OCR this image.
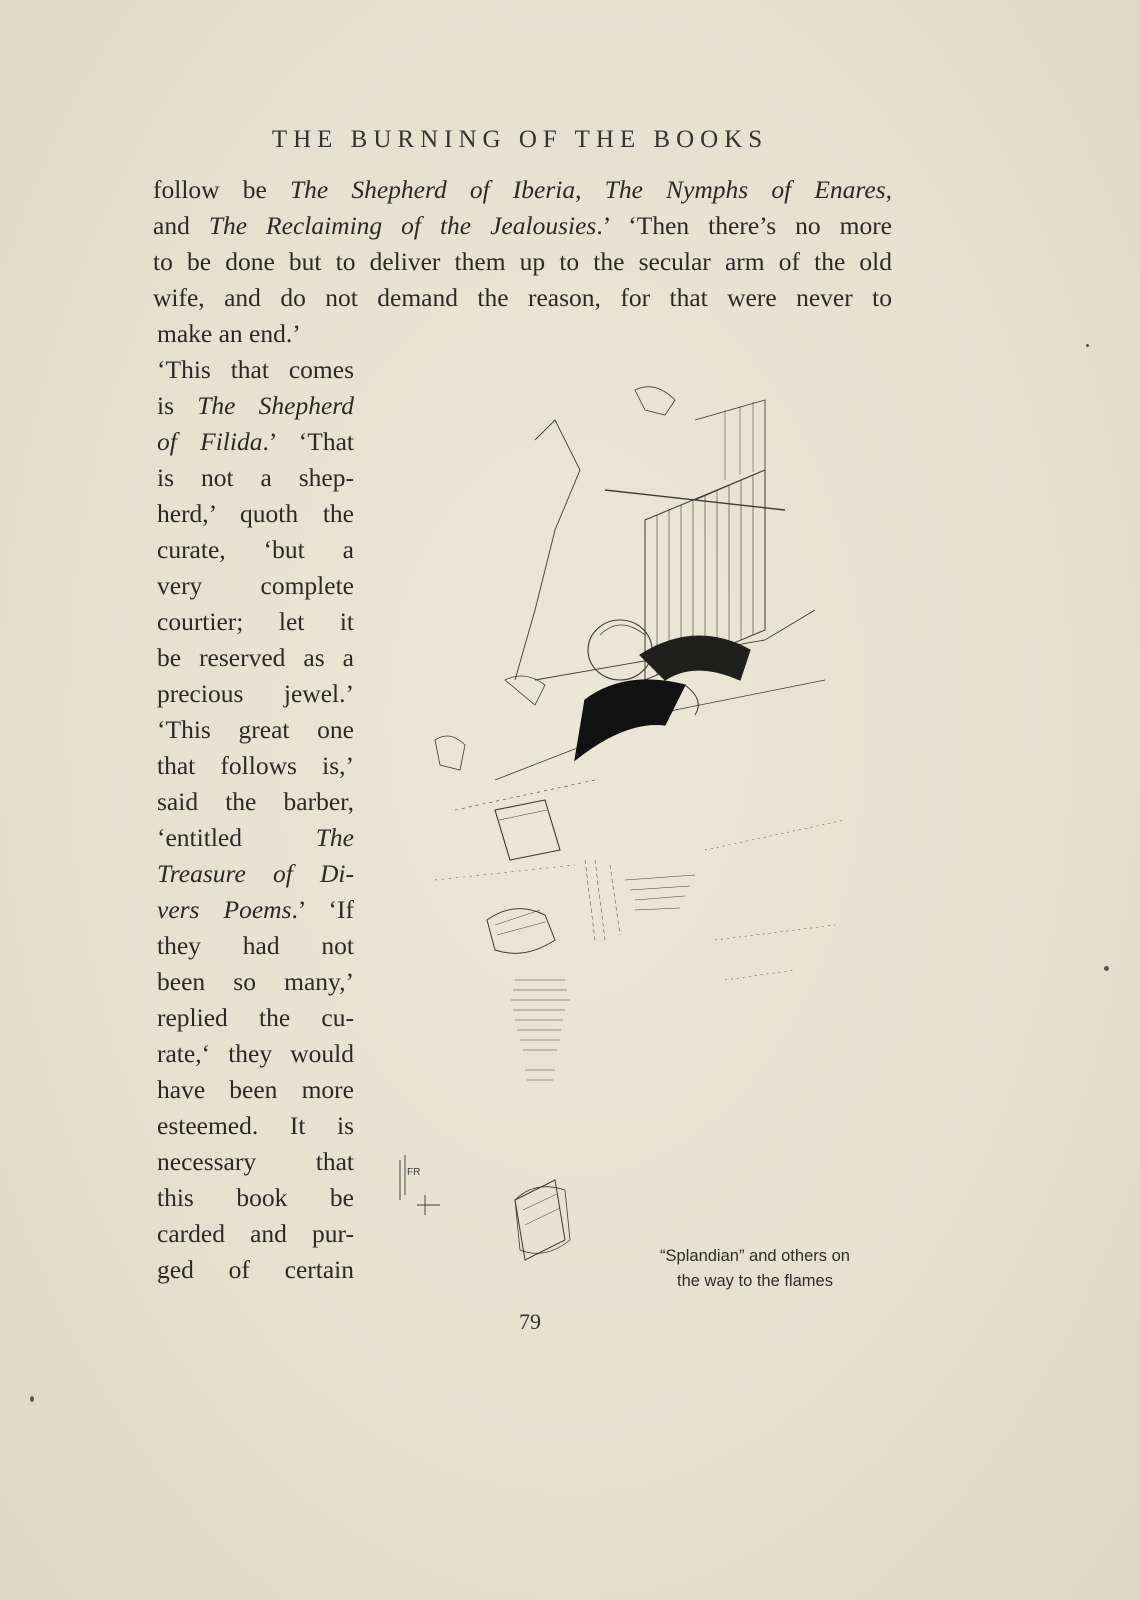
THE BURNING OF THE BOOKS
follow be The Shepherd of Iberia, The Nymphs of Enares,
and The Reclaiming of the Jealousies.’ ‘Then there’s no more
to be done but to deliver them up to the secular arm of the old
wife, and do not demand the reason, for that were never to
make an end.’
‘This that comes
is The Shepherd
of Filida.’ ‘That
is not a shep-
herd,’ quoth the
curate, ‘but a
very complete
courtier; let it
be reserved as a
precious jewel.’
‘This great one
that follows is,’
said the barber,
‘entitled The
Treasure of Di-
vers Poems.’ ‘If
they had not
been so many,’
replied the cu-
rate,‘ they would
have been more
esteemed. It is
necessary that
this book be
carded and pur-
ged of certain
FR
“Splandian” and others on
the way to the flames
79
